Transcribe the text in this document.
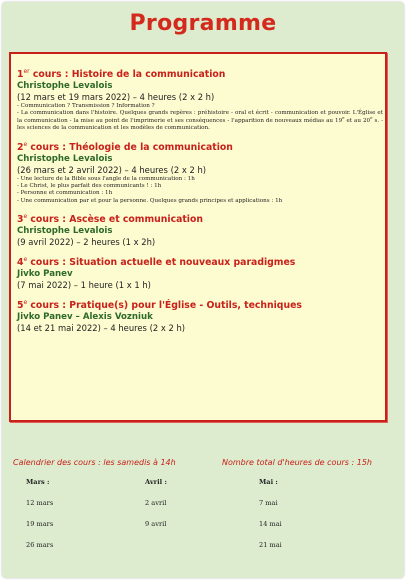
Programme
1er cours : Histoire de la communication
Christophe Levalois
(12 mars et 19 mars 2022) – 4 heures (2 x 2 h)
- Communication ? Transmission ? Information ?
- La communication dans l'histoire. Quelques grands repères : préhistoire - oral et écrit - communication et pouvoir. L'Église et la communication - la mise au point de l'imprimerie et ses conséquences - l'apparition de nouveaux médias au 19e et au 20e s. - les sciences de la communication et les modèles de communication.
2e cours : Théologie de la communication
Christophe Levalois
(26 mars et 2 avril 2022) – 4 heures (2 x 2 h)
- Une lecture de la Bible sous l'angle de la communication : 1h
- Le Christ, le plus parfait des communicants ! : 1h
- Personne et communication : 1h
- Une communication par et pour la personne. Quelques grands principes et applications : 1h
3e cours : Ascèse et communication
Christophe Levalois
(9 avril 2022) – 2 heures (1 x 2h)
4e cours : Situation actuelle et nouveaux paradigmes
Jivko Panev
(7 mai 2022) – 1 heure (1 x 1 h)
5e cours : Pratique(s) pour l'Église - Outils, techniques
Jivko Panev – Alexis Vozniuk
(14 et 21 mai 2022) – 4 heures (2 x 2 h)
Calendrier des cours : les samedis à 14h	Nombre total d'heures de cours : 15h
Mars :
12 mars
19 mars
26 mars
Avril :
2 avril
9 avril
Mai :
7 mai
14 mai
21 mai
